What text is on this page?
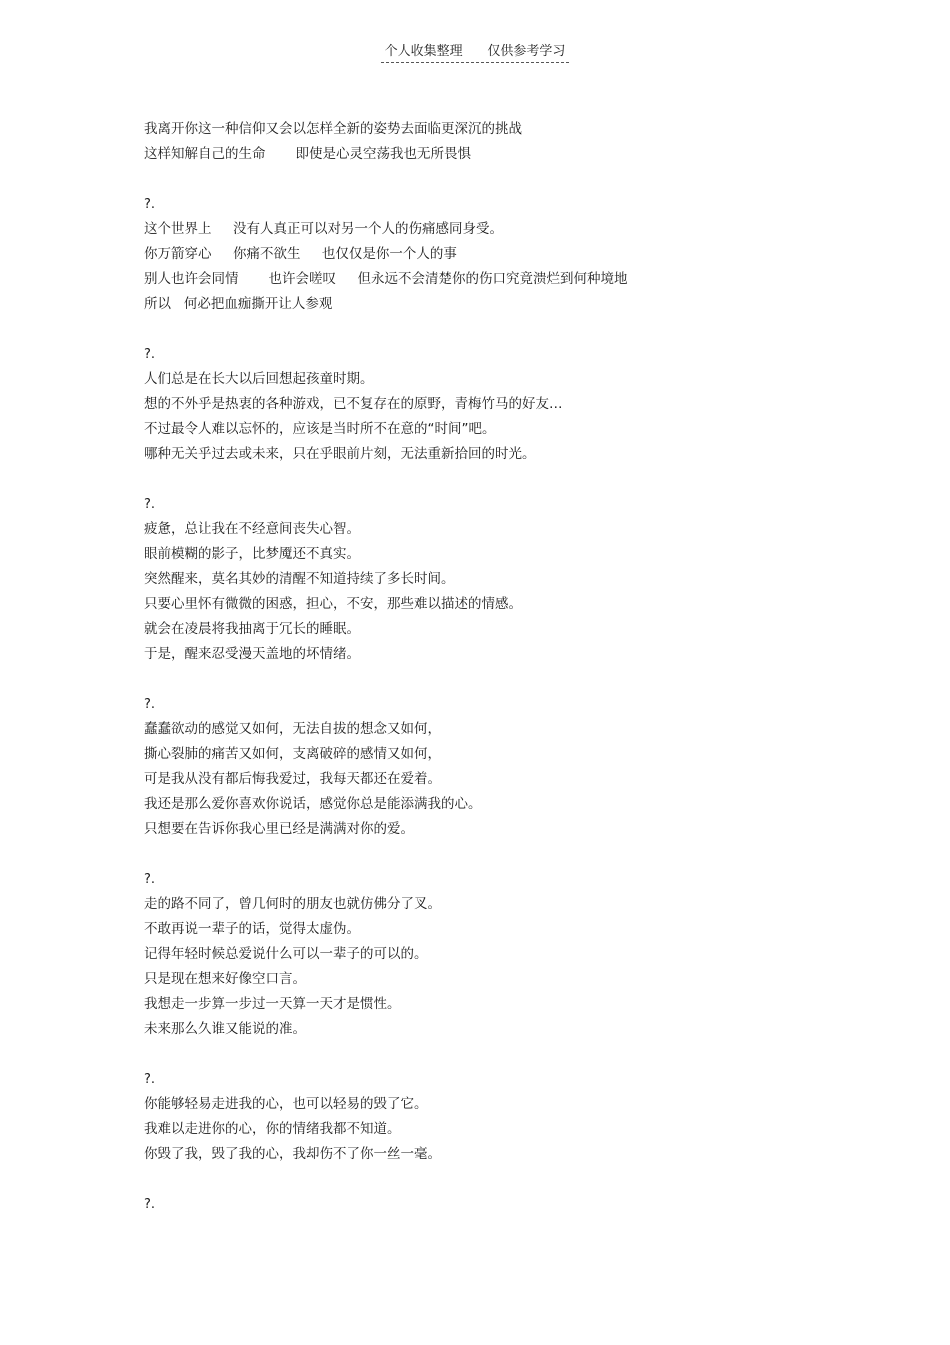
个人收集整理      仅供参考学习
我离开你这一种信仰又会以怎样全新的姿势去面临更深沉的挑战
这样知解自己的生命       即使是心灵空荡我也无所畏惧
?.
这个世界上     没有人真正可以对另一个人的伤痛感同身受。
你万箭穿心     你痛不欲生     也仅仅是你一个人的事
别人也许会同情       也许会嗟叹     但永远不会清楚你的伤口究竟溃烂到何种境地
所以   何必把血痂撕开让人参观
?.
人们总是在长大以后回想起孩童时期。
想的不外乎是热衷的各种游戏，已不复存在的原野，青梅竹马的好友…
不过最令人难以忘怀的，应该是当时所不在意的“时间”吧。
哪种无关乎过去或未来，只在乎眼前片刻，无法重新拾回的时光。
?.
疲惫，总让我在不经意间丧失心智。
眼前模糊的影子，比梦魇还不真实。
突然醒来，莫名其妙的清醒不知道持续了多长时间。
只要心里怀有微微的困惑，担心，不安，那些难以描述的情感。
就会在凌晨将我抽离于冗长的睡眠。
于是，醒来忍受漫天盖地的坏情绪。
?.
蠢蠢欲动的感觉又如何，无法自拔的想念又如何，
撕心裂肺的痛苦又如何，支离破碎的感情又如何，
可是我从没有都后悔我爱过，我每天都还在爱着。
我还是那么爱你喜欢你说话，感觉你总是能添满我的心。
只想要在告诉你我心里已经是满满对你的爱。
?.
走的路不同了，曾几何时的朋友也就仿佛分了叉。
不敢再说一辈子的话，觉得太虚伪。
记得年轻时候总爱说什么可以一辈子的可以的。
只是现在想来好像空口言。
我想走一步算一步过一天算一天才是惯性。
未来那么久谁又能说的准。
?.
你能够轻易走进我的心，也可以轻易的毁了它。
我难以走进你的心，你的情绪我都不知道。
你毁了我，毁了我的心，我却伤不了你一丝一毫。
?.
